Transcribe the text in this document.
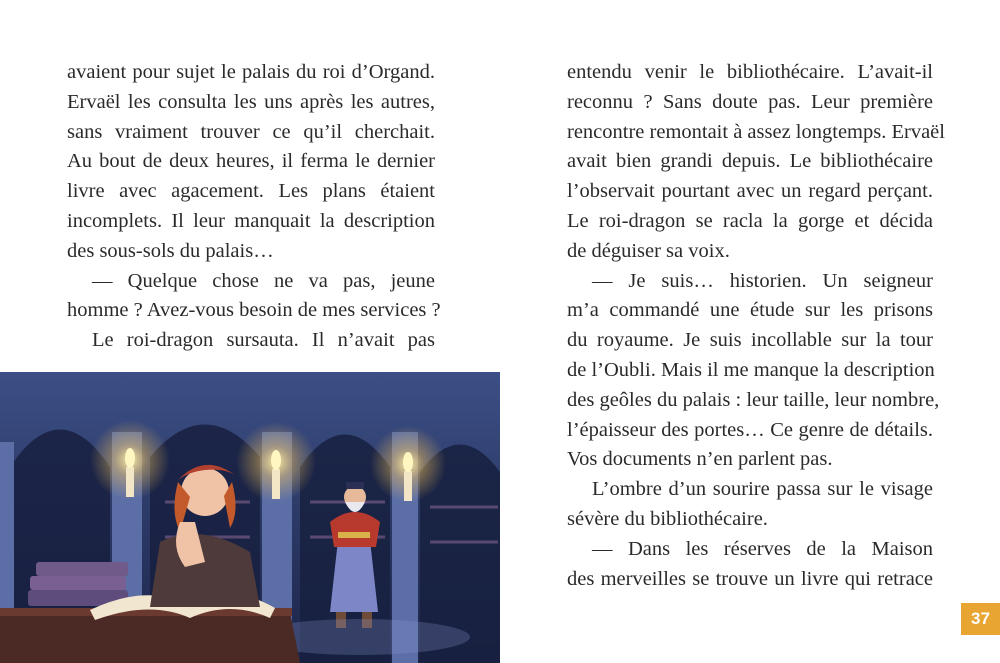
avaient pour sujet le palais du roi d’Organd.
Ervaël les consulta les uns après les autres,
sans vraiment trouver ce qu’il cherchait.
Au bout de deux heures, il ferma le dernier
livre avec agacement. Les plans étaient
incomplets. Il leur manquait la description
des sous-sols du palais…
— Quelque chose ne va pas, jeune
homme ? Avez-vous besoin de mes services ?
Le roi-dragon sursauta. Il n’avait pas
entendu venir le bibliothécaire. L’avait-il
reconnu ? Sans doute pas. Leur première
rencontre remontait à assez longtemps. Ervaël
avait bien grandi depuis. Le bibliothécaire
l’observait pourtant avec un regard perçant.
Le roi-dragon se racla la gorge et décida
de déguiser sa voix.
— Je suis… historien. Un seigneur
m’a commandé une étude sur les prisons
du royaume. Je suis incollable sur la tour
de l’Oubli. Mais il me manque la description
des geôles du palais : leur taille, leur nombre,
l’épaisseur des portes… Ce genre de détails.
Vos documents n’en parlent pas.
L’ombre d’un sourire passa sur le visage
sévère du bibliothécaire.
— Dans les réserves de la Maison
des merveilles se trouve un livre qui retrace
37
